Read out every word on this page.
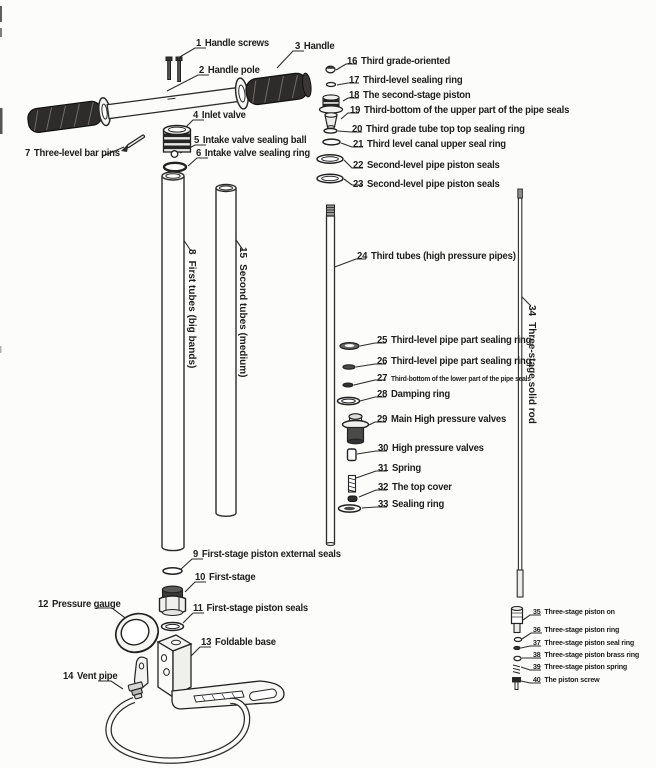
1 Handle screws
2 Handle pole
3 Handle
4 Inlet valve
5 Intake valve sealing ball
6 Intake valve sealing ring
7 Three-level bar pins
8First tubes (big bands)
9 First-stage piston external seals
10 First-stage
11 First-stage piston seals
12 Pressure gauge
13 Foldable base
14 Vent pipe
15Second tubes (medium)
16 Third grade-oriented
17 Third-level sealing ring
18 The second-stage piston
19 Third-bottom of the upper part of the pipe seals
20 Third grade tube top top sealing ring
21 Third level canal upper seal ring
22 Second-level pipe piston seals
23 Second-level pipe piston seals
24 Third tubes (high pressure pipes)
25 Third-level pipe part sealing ring
26 Third-level pipe part sealing ring
27 Third-bottom of the lower part of the pipe seals
28 Damping ring
29 Main High pressure valves
30 High pressure valves
31 Spring
32 The top cover
33 Sealing ring
34Three-stage solid rod
35 Three-stage piston on
36 Three-stage piston ring
37 Three-stage piston seal ring
38 Three-stage piston brass ring
39 Three-stage piston spring
40 The piston screw
